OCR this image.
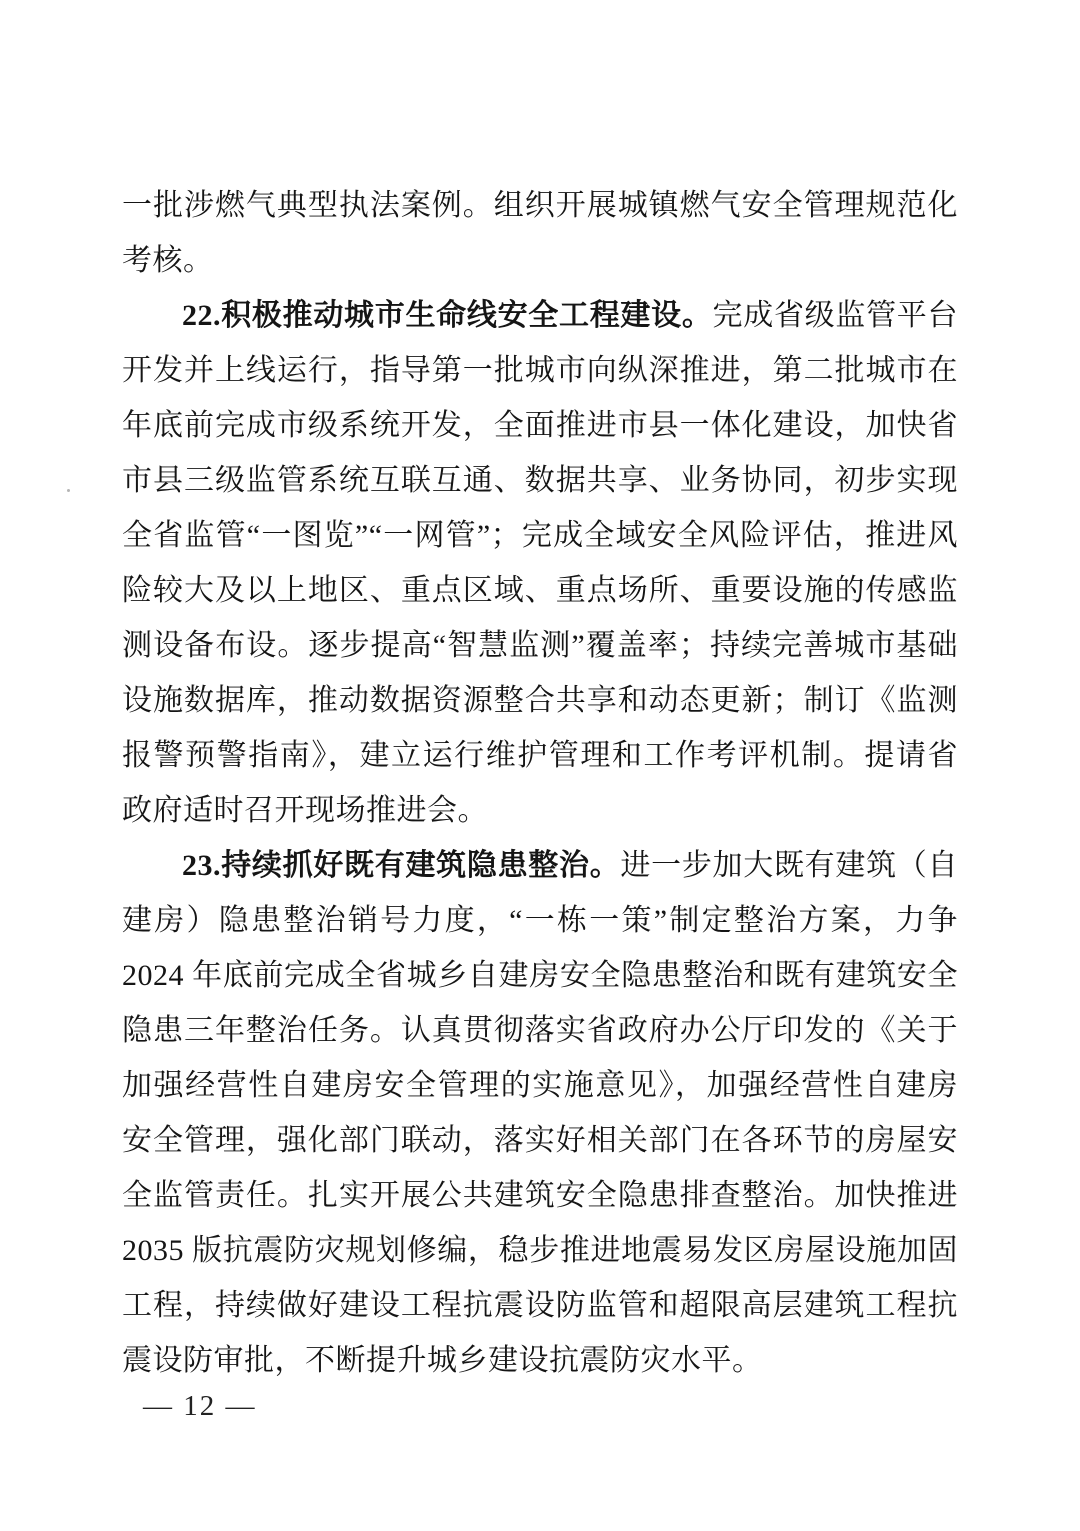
一批涉燃气典型执法案例。组织开展城镇燃气安全管理规范化考核。

22.积极推动城市生命线安全工程建设。完成省级监管平台开发并上线运行，指导第一批城市向纵深推进，第二批城市在年底前完成市级系统开发，全面推进市县一体化建设，加快省市县三级监管系统互联互通、数据共享、业务协同，初步实现全省监管“一图览”“一网管”；完成全域安全风险评估，推进风险较大及以上地区、重点区域、重点场所、重要设施的传感监测设备布设。逐步提高“智慧监测”覆盖率；持续完善城市基础设施数据库，推动数据资源整合共享和动态更新；制订《监测报警预警指南》，建立运行维护管理和工作考评机制。提请省政府适时召开现场推进会。

23.持续抓好既有建筑隐患整治。进一步加大既有建筑（自建房）隐患整治销号力度，“一栋一策”制定整治方案，力争 2024 年底前完成全省城乡自建房安全隐患整治和既有建筑安全隐患三年整治任务。认真贯彻落实省政府办公厅印发的《关于加强经营性自建房安全管理的实施意见》，加强经营性自建房安全管理，强化部门联动，落实好相关部门在各环节的房屋安全监管责任。扎实开展公共建筑安全隐患排查整治。加快推进 2035 版抗震防灾规划修编，稳步推进地震易发区房屋设施加固工程，持续做好建设工程抗震设防监管和超限高层建筑工程抗震设防审批，不断提升城乡建设抗震防灾水平。

— 12 —
